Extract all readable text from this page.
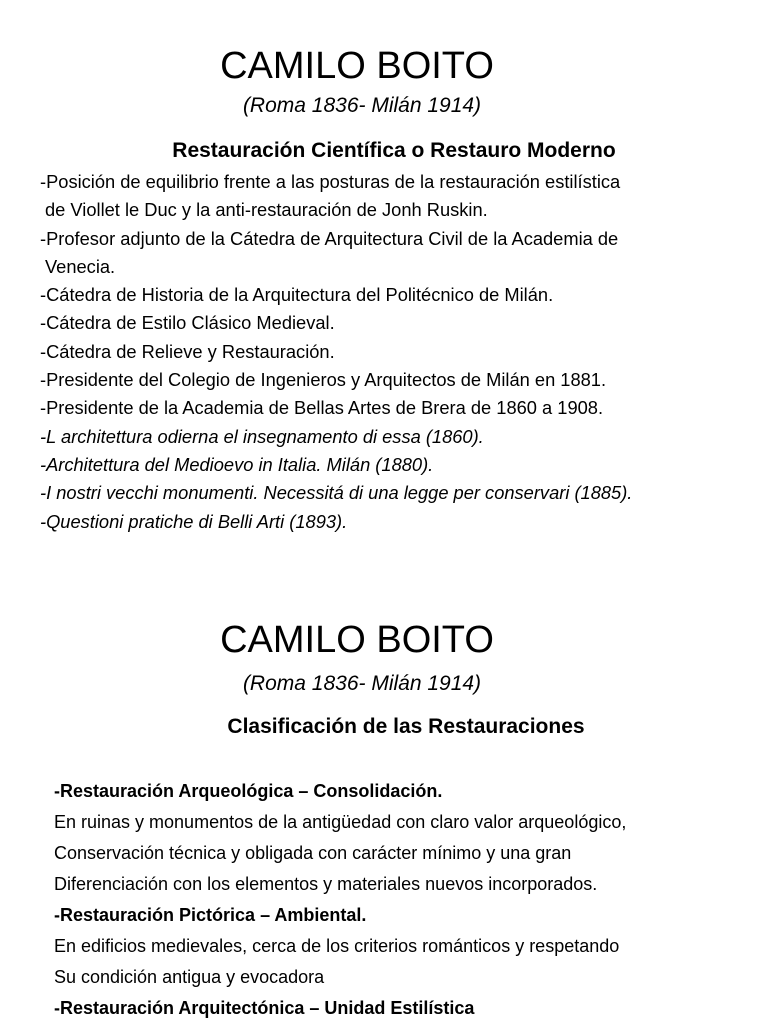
CAMILO BOITO
(Roma 1836- Milán 1914)
Restauración Científica o Restauro Moderno
-Posición de equilibrio frente a las posturas de la restauración estilística
de Viollet le Duc y la anti-restauración de Jonh Ruskin.
-Profesor adjunto de la Cátedra de Arquitectura Civil de la Academia de
Venecia.
-Cátedra de Historia de la Arquitectura del Politécnico de Milán.
-Cátedra de Estilo Clásico Medieval.
-Cátedra de Relieve y Restauración.
-Presidente del Colegio de Ingenieros y Arquitectos de Milán en 1881.
-Presidente de la Academia de Bellas Artes de Brera de 1860 a 1908.
-L architettura odierna el insegnamento di essa (1860).
-Architettura del Medioevo in Italia. Milán (1880).
-I nostri vecchi monumenti. Necessitá di una legge per conservari (1885).
-Questioni pratiche di Belli Arti (1893).
CAMILO BOITO
(Roma 1836- Milán 1914)
Clasificación de las Restauraciones
-Restauración Arqueológica – Consolidación.
En ruinas y monumentos de la antigüedad con claro valor arqueológico,
Conservación técnica y obligada con carácter mínimo y una gran
Diferenciación con los elementos y materiales nuevos incorporados.
-Restauración Pictórica – Ambiental.
En edificios medievales, cerca de los criterios románticos y respetando
Su condición antigua y evocadora
-Restauración Arquitectónica – Unidad Estilística
